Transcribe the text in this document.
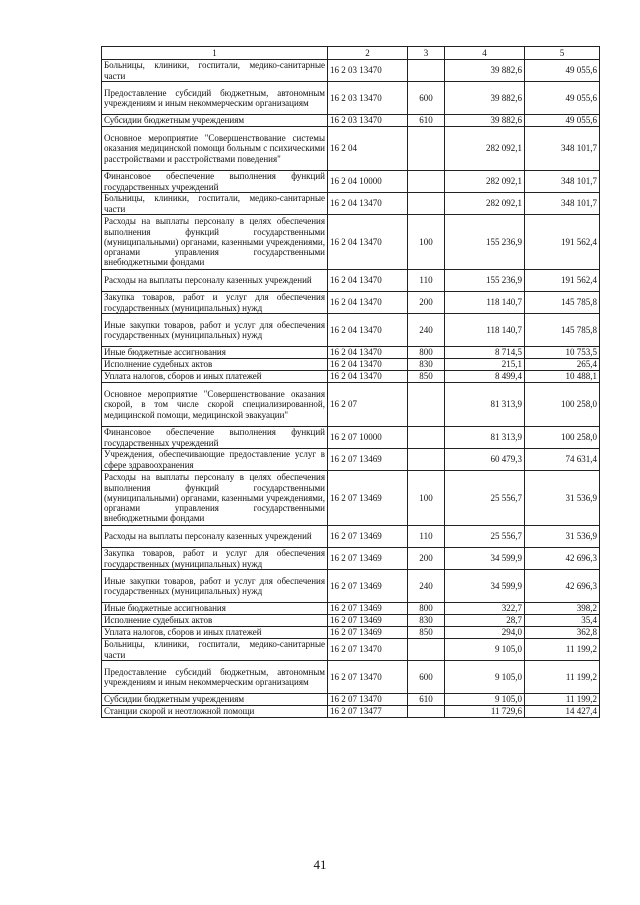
1	2	3	4	5
Больницы, клиники, госпитали, медико-санитарные части	16 2 03 13470		39 882,6	49 055,6
Предоставление субсидий бюджетным, автономным учреждениям и иным некоммерческим организациям	16 2 03 13470	600	39 882,6	49 055,6
Субсидии бюджетным учреждениям	16 2 03 13470	610	39 882,6	49 055,6
Основное мероприятие "Совершенствование системы оказания медицинской помощи больным с психическими расстройствами и расстройствами поведения"	16 2 04		282 092,1	348 101,7
Финансовое обеспечение выполнения функций государственных учреждений	16 2 04 10000		282 092,1	348 101,7
Больницы, клиники, госпитали, медико-санитарные части	16 2 04 13470		282 092,1	348 101,7
Расходы на выплаты персоналу в целях обеспечения выполнения функций государственными (муниципальными) органами, казенными учреждениями, органами управления государственными внебюджетными фондами	16 2 04 13470	100	155 236,9	191 562,4
Расходы на выплаты персоналу казенных учреждений	16 2 04 13470	110	155 236,9	191 562,4
Закупка товаров, работ и услуг для обеспечения государственных (муниципальных) нужд	16 2 04 13470	200	118 140,7	145 785,8
Иные закупки товаров, работ и услуг для обеспечения государственных (муниципальных) нужд	16 2 04 13470	240	118 140,7	145 785,8
Иные бюджетные ассигнования	16 2 04 13470	800	8 714,5	10 753,5
Исполнение судебных актов	16 2 04 13470	830	215,1	265,4
Уплата налогов, сборов и иных платежей	16 2 04 13470	850	8 499,4	10 488,1
Основное мероприятие "Совершенствование оказания скорой, в том числе скорой специализированной, медицинской помощи, медицинской эвакуации"	16 2 07		81 313,9	100 258,0
Финансовое обеспечение выполнения функций государственных учреждений	16 2 07 10000		81 313,9	100 258,0
Учреждения, обеспечивающие предоставление услуг в сфере здравоохранения	16 2 07 13469		60 479,3	74 631,4
Расходы на выплаты персоналу в целях обеспечения выполнения функций государственными (муниципальными) органами, казенными учреждениями, органами управления государственными внебюджетными фондами	16 2 07 13469	100	25 556,7	31 536,9
Расходы на выплаты персоналу казенных учреждений	16 2 07 13469	110	25 556,7	31 536,9
Закупка товаров, работ и услуг для обеспечения государственных (муниципальных) нужд	16 2 07 13469	200	34 599,9	42 696,3
Иные закупки товаров, работ и услуг для обеспечения государственных (муниципальных) нужд	16 2 07 13469	240	34 599,9	42 696,3
Иные бюджетные ассигнования	16 2 07 13469	800	322,7	398,2
Исполнение судебных актов	16 2 07 13469	830	28,7	35,4
Уплата налогов, сборов и иных платежей	16 2 07 13469	850	294,0	362,8
Больницы, клиники, госпитали, медико-санитарные части	16 2 07 13470		9 105,0	11 199,2
Предоставление субсидий бюджетным, автономным учреждениям и иным некоммерческим организациям	16 2 07 13470	600	9 105,0	11 199,2
Субсидии бюджетным учреждениям	16 2 07 13470	610	9 105,0	11 199,2
Станции скорой и неотложной помощи	16 2 07 13477		11 729,6	14 427,4
41
